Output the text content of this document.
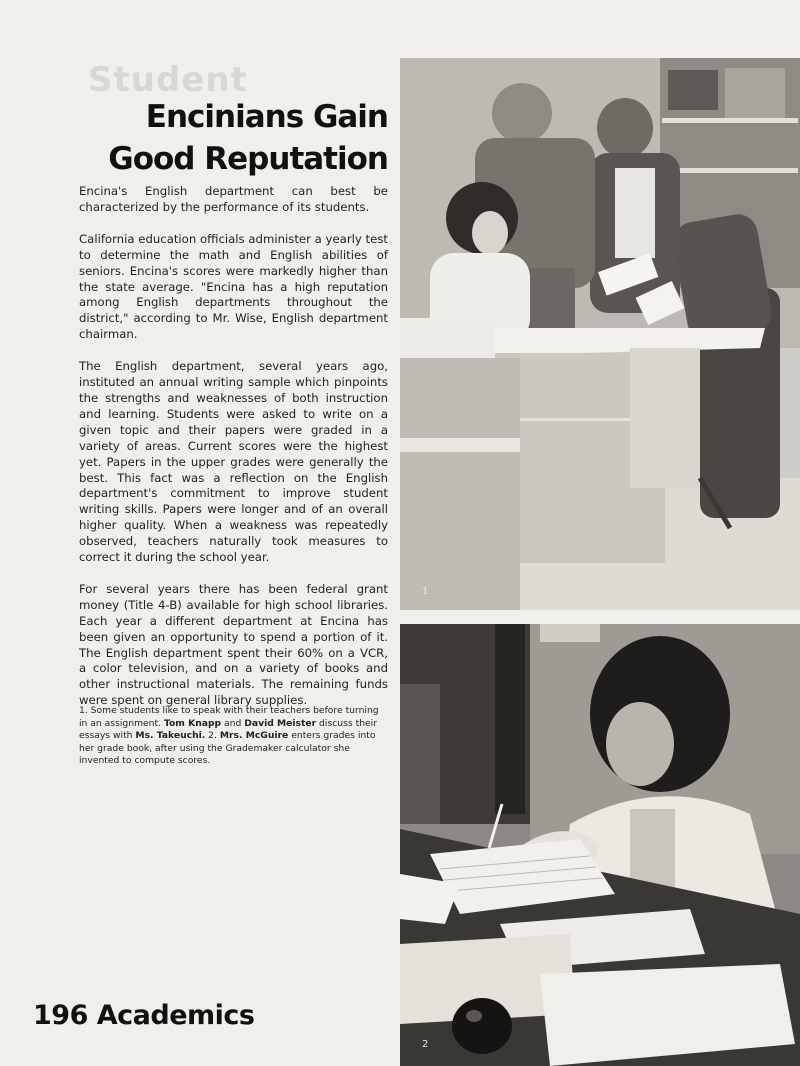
Student
Encinians Gain
Good Reputation

Encina's English department can best be characterized by the performance of its students.

California education officials administer a yearly test to determine the math and English abilities of seniors. Encina's scores were markedly higher than the state average. "Encina has a high reputation among English departments throughout the district," according to Mr. Wise, English department chairman.

The English department, several years ago, instituted an annual writing sample which pinpoints the strengths and weaknesses of both instruction and learning. Students were asked to write on a given topic and their papers were graded in a variety of areas. Current scores were the highest yet. Papers in the upper grades were generally the best. This fact was a reflection on the English department's commitment to improve student writing skills. Papers were longer and of an overall higher quality. When a weakness was repeatedly observed, teachers naturally took measures to correct it during the school year.

For several years there has been federal grant money (Title 4-B) available for high school libraries. Each year a different department at Encina has been given an opportunity to spend a portion of it. The English department spent their 60% on a VCR, a color television, and on a variety of books and other instructional materials. The remaining funds were spent on general library supplies.

1. Some students like to speak with their teachers before turning in an assignment. Tom Knapp and David Meister discuss their essays with Ms. Takeuchi. 2. Mrs. McGuire enters grades into her grade book, after using the Grademaker calculator she invented to compute scores.
1
2
196 Academics
